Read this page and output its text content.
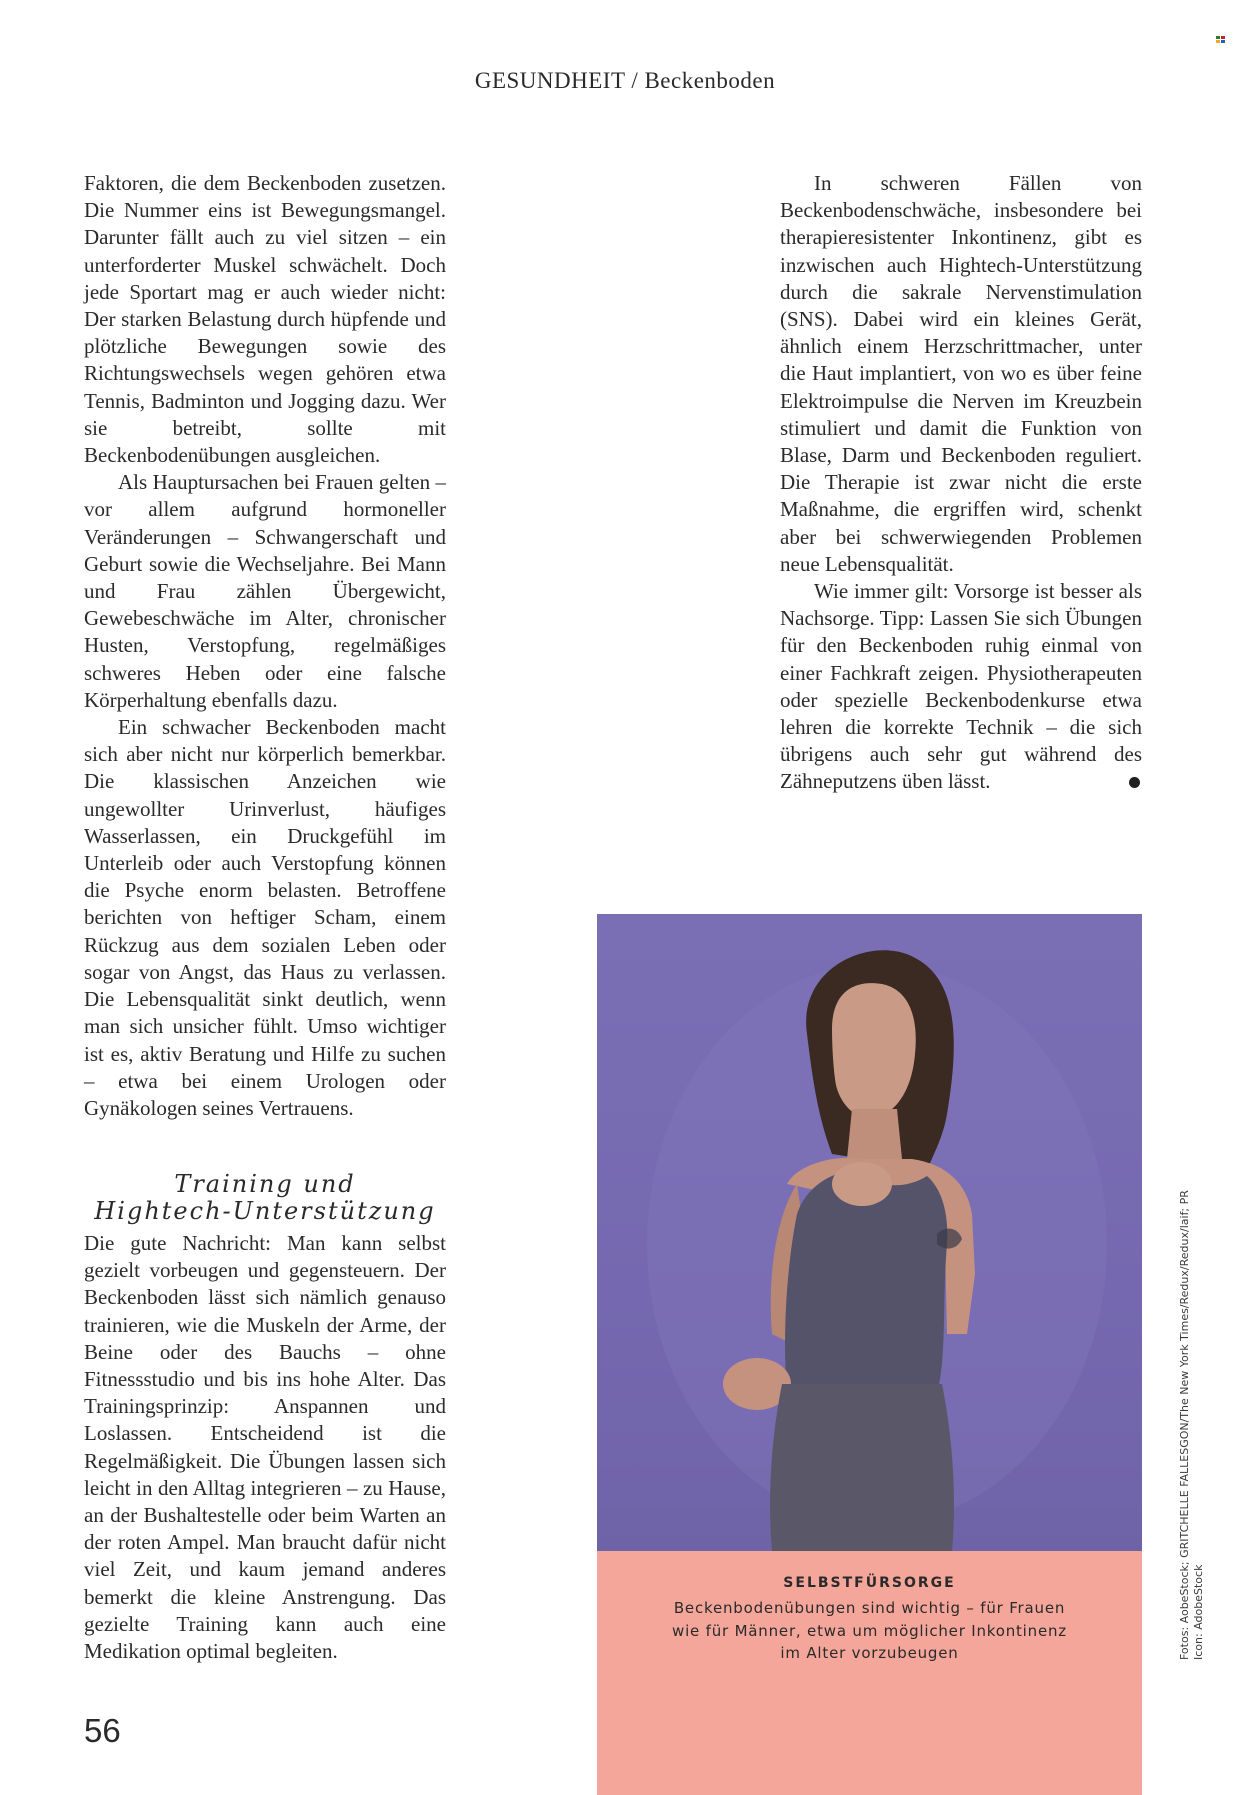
GESUNDHEIT / Beckenboden

Faktoren, die dem Beckenboden zusetzen. Die Nummer eins ist Bewegungsmangel. Darunter fällt auch zu viel sitzen – ein unterforderter Muskel schwächelt. Doch jede Sportart mag er auch wieder nicht: Der starken Belastung durch hüpfende und plötzliche Bewegungen sowie des Richtungswechsels wegen gehören etwa Tennis, Badminton und Jogging dazu. Wer sie betreibt, sollte mit Beckenbodenübungen ausgleichen.

Als Hauptursachen bei Frauen gelten – vor allem aufgrund hormoneller Veränderungen – Schwangerschaft und Geburt sowie die Wechseljahre. Bei Mann und Frau zählen Übergewicht, Gewebeschwäche im Alter, chronischer Husten, Verstopfung, regelmäßiges schweres Heben oder eine falsche Körperhaltung ebenfalls dazu.

Ein schwacher Beckenboden macht sich aber nicht nur körperlich bemerkbar. Die klassischen Anzeichen wie ungewollter Urinverlust, häufiges Wasserlassen, ein Druckgefühl im Unterleib oder auch Verstopfung können die Psyche enorm belasten. Betroffene berichten von heftiger Scham, einem Rückzug aus dem sozialen Leben oder sogar von Angst, das Haus zu verlassen. Die Lebensqualität sinkt deutlich, wenn man sich unsicher fühlt. Umso wichtiger ist es, aktiv Beratung und Hilfe zu suchen – etwa bei einem Urologen oder Gynäkologen seines Vertrauens.

Training und
Hightech-Unterstützung

Die gute Nachricht: Man kann selbst gezielt vorbeugen und gegensteuern. Der Beckenboden lässt sich nämlich genauso trainieren, wie die Muskeln der Arme, der Beine oder des Bauchs – ohne Fitnessstudio und bis ins hohe Alter. Das Trainingsprinzip: Anspannen und Loslassen. Entscheidend ist die Regelmäßigkeit. Die Übungen lassen sich leicht in den Alltag integrieren – zu Hause, an der Bushaltestelle oder beim Warten an der roten Ampel. Man braucht dafür nicht viel Zeit, und kaum jemand anderes bemerkt die kleine Anstrengung. Das gezielte Training kann auch eine Medikation optimal begleiten.

In schweren Fällen von Beckenbodenschwäche, insbesondere bei therapieresistenter Inkontinenz, gibt es inzwischen auch Hightech-Unterstützung durch die sakrale Nervenstimulation (SNS). Dabei wird ein kleines Gerät, ähnlich einem Herzschrittmacher, unter die Haut implantiert, von wo es über feine Elektroimpulse die Nerven im Kreuzbein stimuliert und damit die Funktion von Blase, Darm und Beckenboden reguliert. Die Therapie ist zwar nicht die erste Maßnahme, die ergriffen wird, schenkt aber bei schwerwiegenden Problemen neue Lebensqualität.

Wie immer gilt: Vorsorge ist besser als Nachsorge. Tipp: Lassen Sie sich Übungen für den Beckenboden ruhig einmal von einer Fachkraft zeigen. Physiotherapeuten oder spezielle Beckenbodenkurse etwa lehren die korrekte Technik – die sich übrigens auch sehr gut während des Zähneputzens üben lässt.

SELBSTFÜRSORGE
Beckenbodenübungen sind wichtig – für Frauen wie für Männer, etwa um möglicher Inkontinenz im Alter vorzubeugen	Fotos: AobeStock; GRITCHELLE FALLESGON/The New York Times/Redux/Redux/laif; PR Icon: AdobeStock
56
